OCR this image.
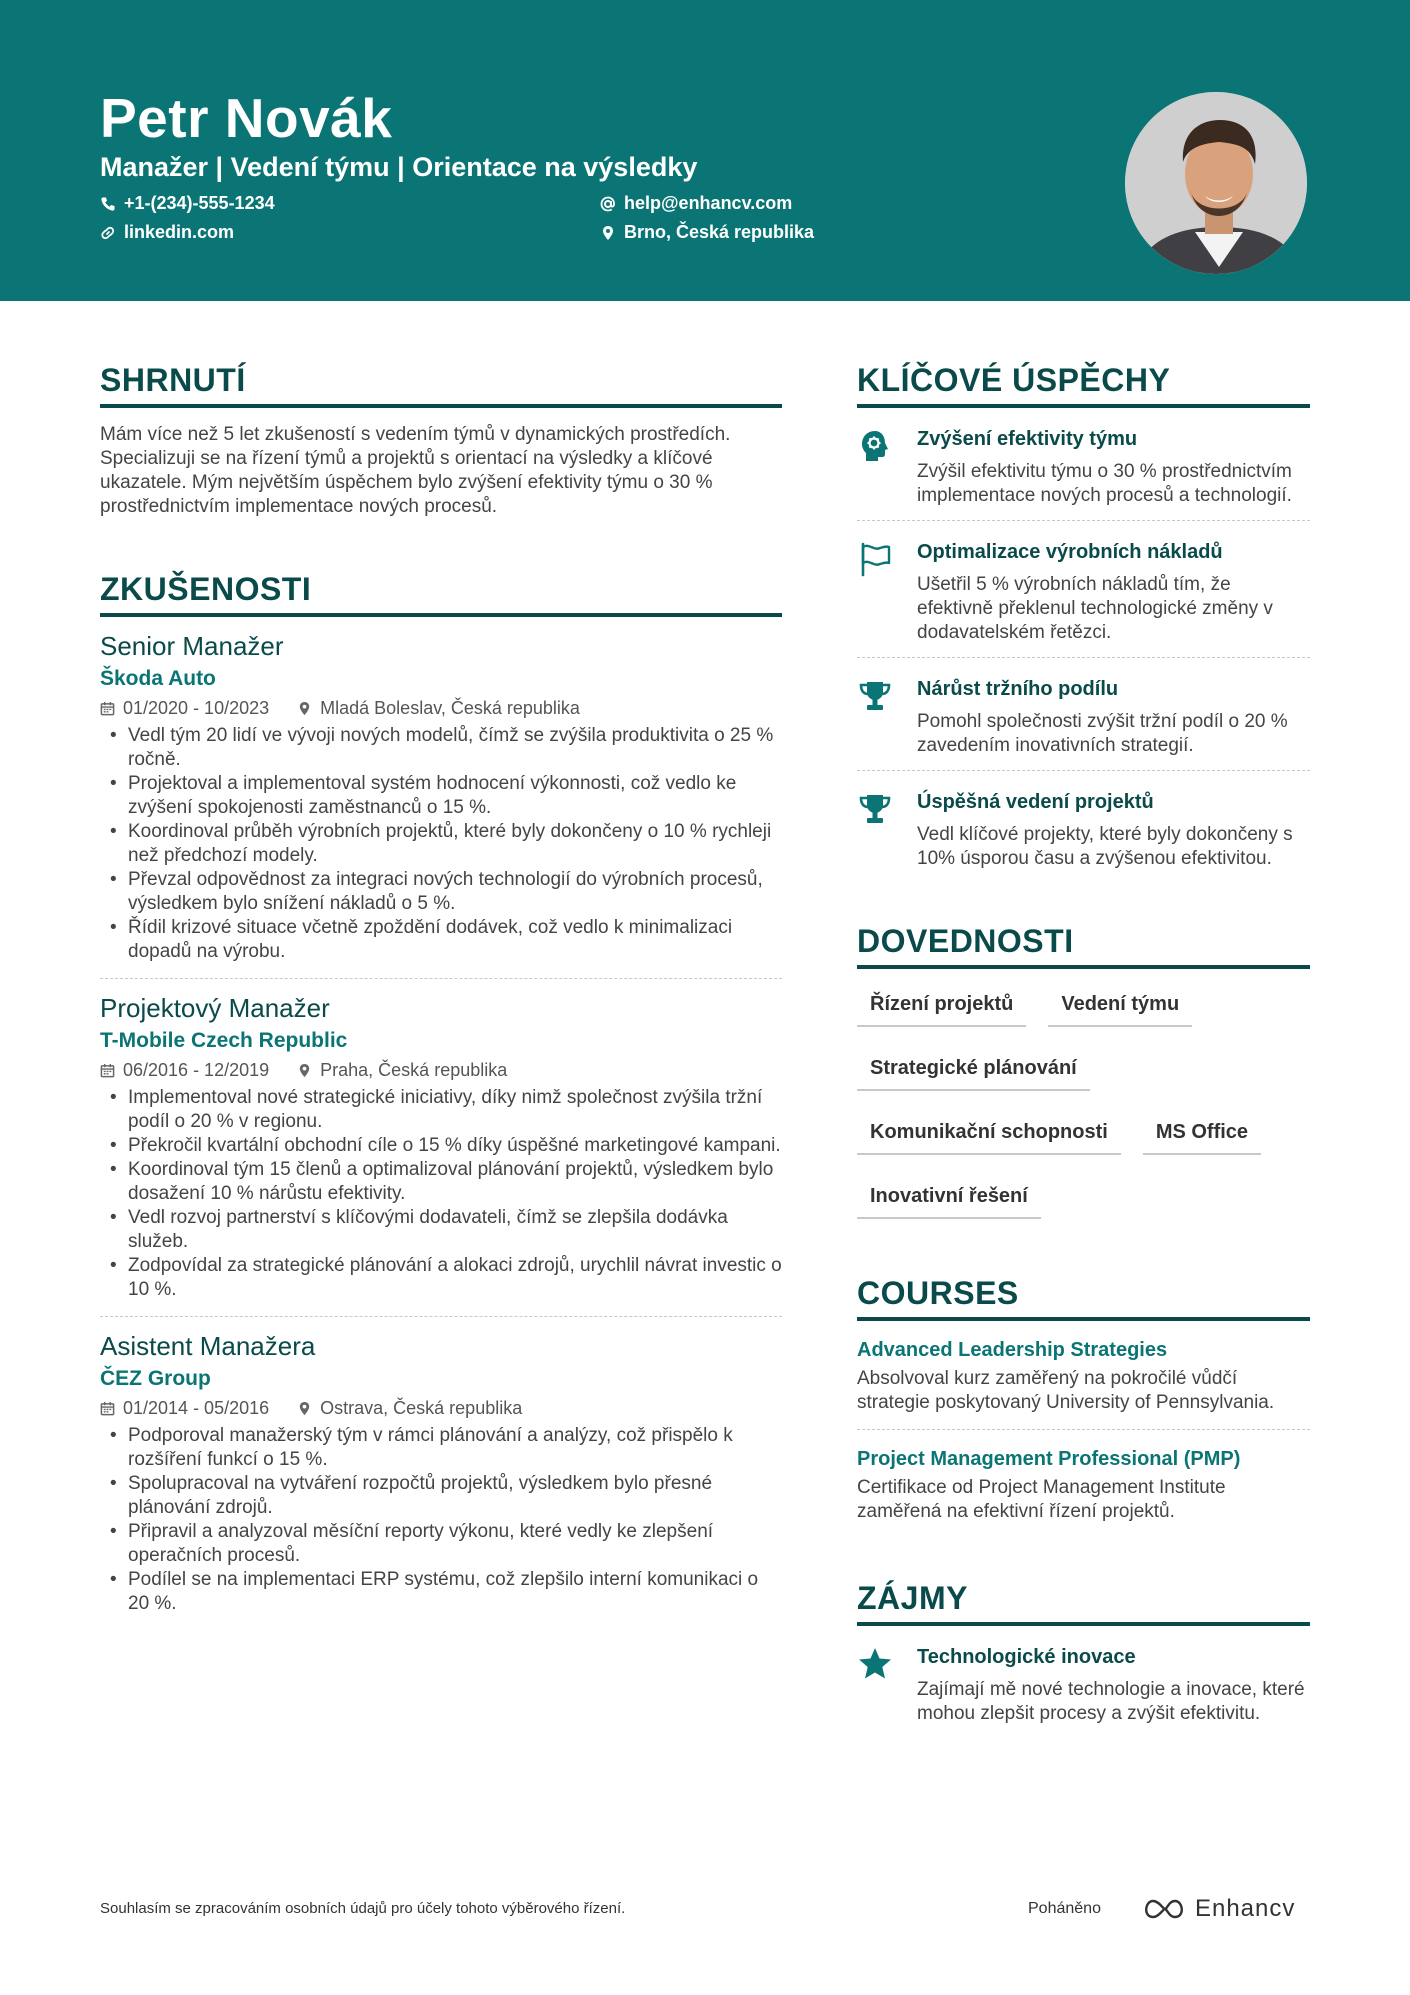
Petr Novák
Manažer | Vedení týmu | Orientace na výsledky
+1-(234)-555-1234	help@enhancv.com
linkedin.com	Brno, Česká republika
SHRNUTÍ

Mám více než 5 let zkušeností s vedením týmů v dynamických prostředích. Specializuji se na řízení týmů a projektů s orientací na výsledky a klíčové ukazatele. Mým největším úspěchem bylo zvýšení efektivity týmu o 30 % prostřednictvím implementace nových procesů.

ZKUŠENOSTI
Senior Manažer
Škoda Auto
01/2020 - 10/2023	Mladá Boleslav, Česká republika
• Vedl tým 20 lidí ve vývoji nových modelů, čímž se zvýšila produktivita o 25 % ročně.
• Projektoval a implementoval systém hodnocení výkonnosti, což vedlo ke zvýšení spokojenosti zaměstnanců o 15 %.
• Koordinoval průběh výrobních projektů, které byly dokončeny o 10 % rychleji než předchozí modely.
• Převzal odpovědnost za integraci nových technologií do výrobních procesů, výsledkem bylo snížení nákladů o 5 %.
• Řídil krizové situace včetně zpoždění dodávek, což vedlo k minimalizaci dopadů na výrobu.
Projektový Manažer
T-Mobile Czech Republic
06/2016 - 12/2019	Praha, Česká republika
• Implementoval nové strategické iniciativy, díky nimž společnost zvýšila tržní podíl o 20 % v regionu.
• Překročil kvartální obchodní cíle o 15 % díky úspěšné marketingové kampani.
• Koordinoval tým 15 členů a optimalizoval plánování projektů, výsledkem bylo dosažení 10 % nárůstu efektivity.
• Vedl rozvoj partnerství s klíčovými dodavateli, čímž se zlepšila dodávka služeb.
• Zodpovídal za strategické plánování a alokaci zdrojů, urychlil návrat investic o 10 %.
Asistent Manažera
ČEZ Group
01/2014 - 05/2016	Ostrava, Česká republika
• Podporoval manažerský tým v rámci plánování a analýzy, což přispělo k rozšíření funkcí o 15 %.
• Spolupracoval na vytváření rozpočtů projektů, výsledkem bylo přesné plánování zdrojů.
• Připravil a analyzoval měsíční reporty výkonu, které vedly ke zlepšení operačních procesů.
• Podílel se na implementaci ERP systému, což zlepšilo interní komunikaci o 20 %.
KLÍČOVÉ ÚSPĚCHY
Zvýšení efektivity týmu
Zvýšil efektivitu týmu o 30 % prostřednictvím implementace nových procesů a technologií.
Optimalizace výrobních nákladů
Ušetřil 5 % výrobních nákladů tím, že efektivně překlenul technologické změny v dodavatelském řetězci.
Nárůst tržního podílu
Pomohl společnosti zvýšit tržní podíl o 20 % zavedením inovativních strategií.
Úspěšná vedení projektů
Vedl klíčové projekty, které byly dokončeny s 10% úsporou času a zvýšenou efektivitou.
DOVEDNOSTI
Řízení projektů	Vedení týmu
Strategické plánování
Komunikační schopnosti	MS Office
Inovativní řešení
COURSES
Advanced Leadership Strategies
Absolvoval kurz zaměřený na pokročilé vůdčí strategie poskytovaný University of Pennsylvania.
Project Management Professional (PMP)
Certifikace od Project Management Institute zaměřená na efektivní řízení projektů.
ZÁJMY
Technologické inovace
Zajímají mě nové technologie a inovace, které mohou zlepšit procesy a zvýšit efektivitu.
Souhlasím se zpracováním osobních údajů pro účely tohoto výběrového řízení.	Poháněno	Enhancv
